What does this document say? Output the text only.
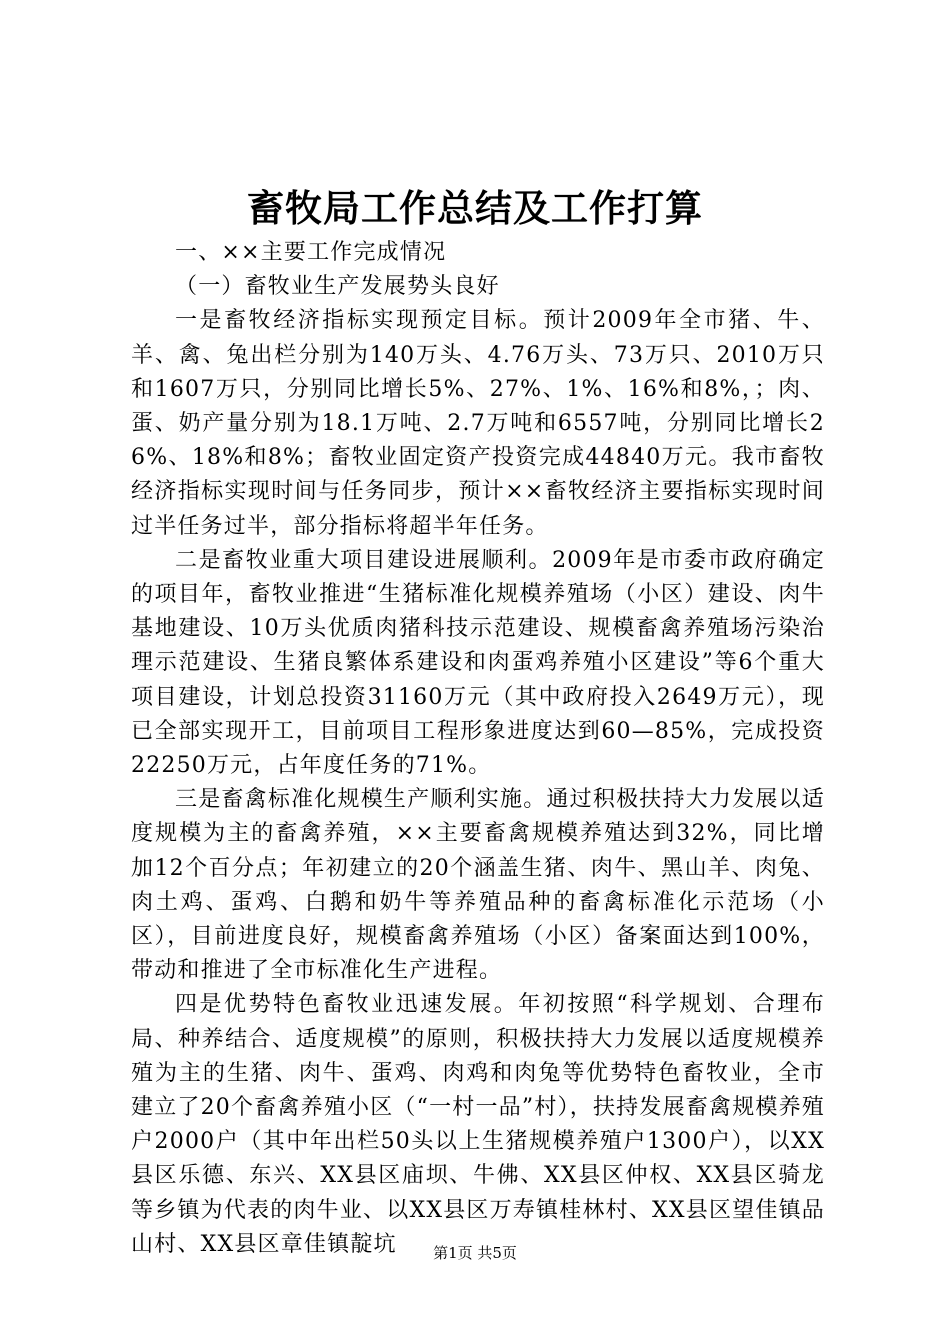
畜牧局工作总结及工作打算

一、××主要工作完成情况

（一）畜牧业生产发展势头良好

一是畜牧经济指标实现预定目标。预计2009年全市猪、牛、羊、禽、兔出栏分别为140万头、4.76万头、73万只、2010万只和1607万只，分别同比增长5%、27%、1%、16%和8%，；肉、蛋、奶产量分别为18.1万吨、2.7万吨和6557吨，分别同比增长26%、18%和8%；畜牧业固定资产投资完成44840万元。我市畜牧经济指标实现时间与任务同步，预计××畜牧经济主要指标实现时间过半任务过半，部分指标将超半年任务。

二是畜牧业重大项目建设进展顺利。2009年是市委市政府确定的项目年，畜牧业推进“生猪标准化规模养殖场（小区）建设、肉牛基地建设、10万头优质肉猪科技示范建设、规模畜禽养殖场污染治理示范建设、生猪良繁体系建设和肉蛋鸡养殖小区建设”等6个重大项目建设，计划总投资31160万元（其中政府投入2649万元），现已全部实现开工，目前项目工程形象进度达到60—85%，完成投资22250万元，占年度任务的71%。

三是畜禽标准化规模生产顺利实施。通过积极扶持大力发展以适度规模为主的畜禽养殖，××主要畜禽规模养殖达到32%，同比增加12个百分点；年初建立的20个涵盖生猪、肉牛、黑山羊、肉兔、肉土鸡、蛋鸡、白鹅和奶牛等养殖品种的畜禽标准化示范场（小区），目前进度良好，规模畜禽养殖场（小区）备案面达到100%，带动和推进了全市标准化生产进程。

四是优势特色畜牧业迅速发展。年初按照“科学规划、合理布局、种养结合、适度规模”的原则，积极扶持大力发展以适度规模养殖为主的生猪、肉牛、蛋鸡、肉鸡和肉兔等优势特色畜牧业，全市建立了20个畜禽养殖小区（“一村一品”村），扶持发展畜禽规模养殖户2000户（其中年出栏50头以上生猪规模养殖户1300户），以XX县区乐德、东兴、XX县区庙坝、牛佛、XX县区仲权、XX县区骑龙等乡镇为代表的肉牛业、以XX县区万寿镇桂林村、XX县区望佳镇品山村、XX县区章佳镇靛坑	第1页 共5页
